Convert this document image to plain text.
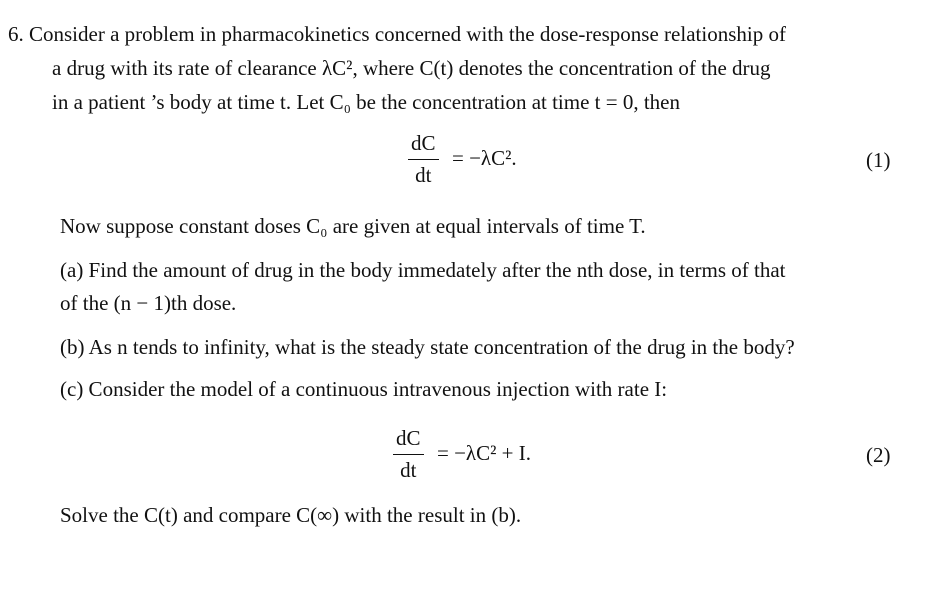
6. Consider a problem in pharmacokinetics concerned with the dose-response relationship of
a drug with its rate of clearance λC², where C(t) denotes the concentration of the drug
in a patient ’s body at time t. Let C₀ be the concentration at time t = 0, then
dC
dt
= −λC².	(1)
Now suppose constant doses C₀ are given at equal intervals of time T.
(a) Find the amount of drug in the body immedately after the nth dose, in terms of that
of the (n − 1)th dose.
(b) As n tends to infinity, what is the steady state concentration of the drug in the body?
(c) Consider the model of a continuous intravenous injection with rate I:
dC
dt
= −λC² + I.	(2)
Solve the C(t) and compare C(∞) with the result in (b).
